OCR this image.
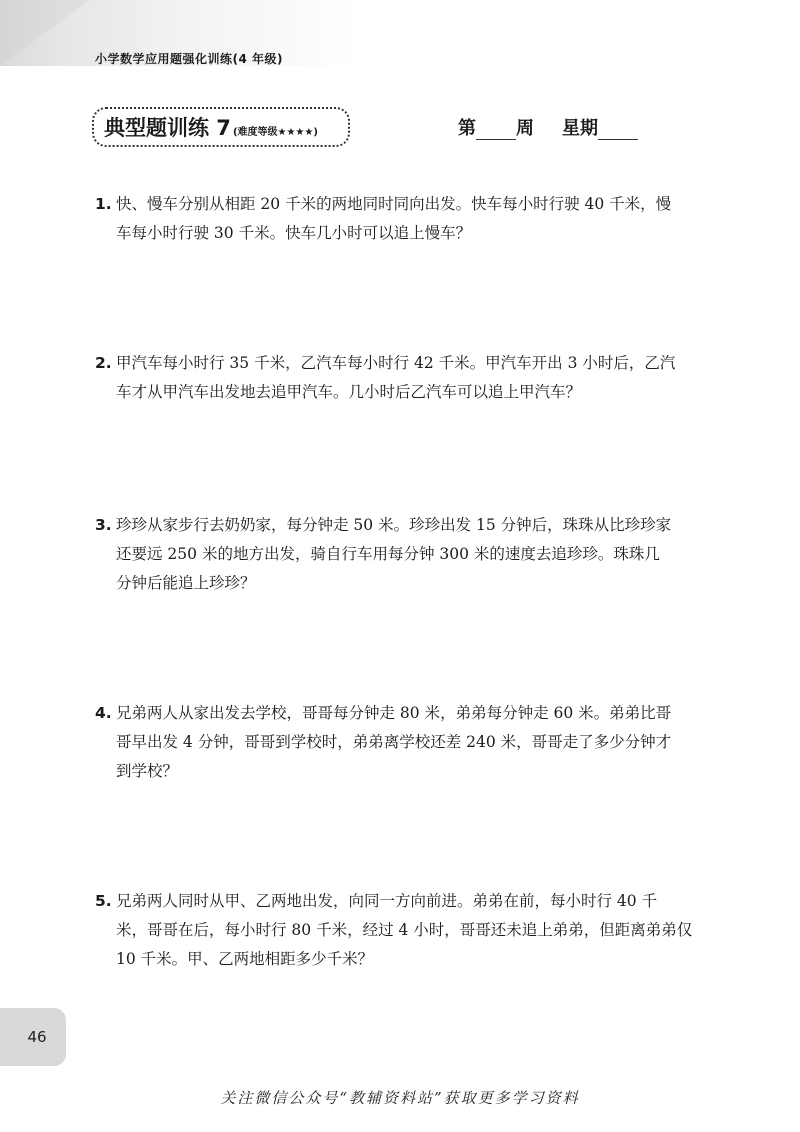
小学数学应用题强化训练(4 年级)
典型题训练 7 (难度等级★★★★)	第 周 星期
1. 快、慢车分别从相距 20 千米的两地同时同向出发。快车每小时行驶 40 千米，慢
车每小时行驶 30 千米。快车几小时可以追上慢车？
2. 甲汽车每小时行 35 千米，乙汽车每小时行 42 千米。甲汽车开出 3 小时后，乙汽
车才从甲汽车出发地去追甲汽车。几小时后乙汽车可以追上甲汽车？
3. 珍珍从家步行去奶奶家，每分钟走 50 米。珍珍出发 15 分钟后，珠珠从比珍珍家
还要远 250 米的地方出发，骑自行车用每分钟 300 米的速度去追珍珍。珠珠几
分钟后能追上珍珍？
4. 兄弟两人从家出发去学校，哥哥每分钟走 80 米，弟弟每分钟走 60 米。弟弟比哥
哥早出发 4 分钟，哥哥到学校时，弟弟离学校还差 240 米，哥哥走了多少分钟才
到学校？
5. 兄弟两人同时从甲、乙两地出发，向同一方向前进。弟弟在前，每小时行 40 千
米，哥哥在后，每小时行 80 千米，经过 4 小时，哥哥还未追上弟弟，但距离弟弟仅
10 千米。甲、乙两地相距多少千米？
46
关注微信公众号“教辅资料站”获取更多学习资料
